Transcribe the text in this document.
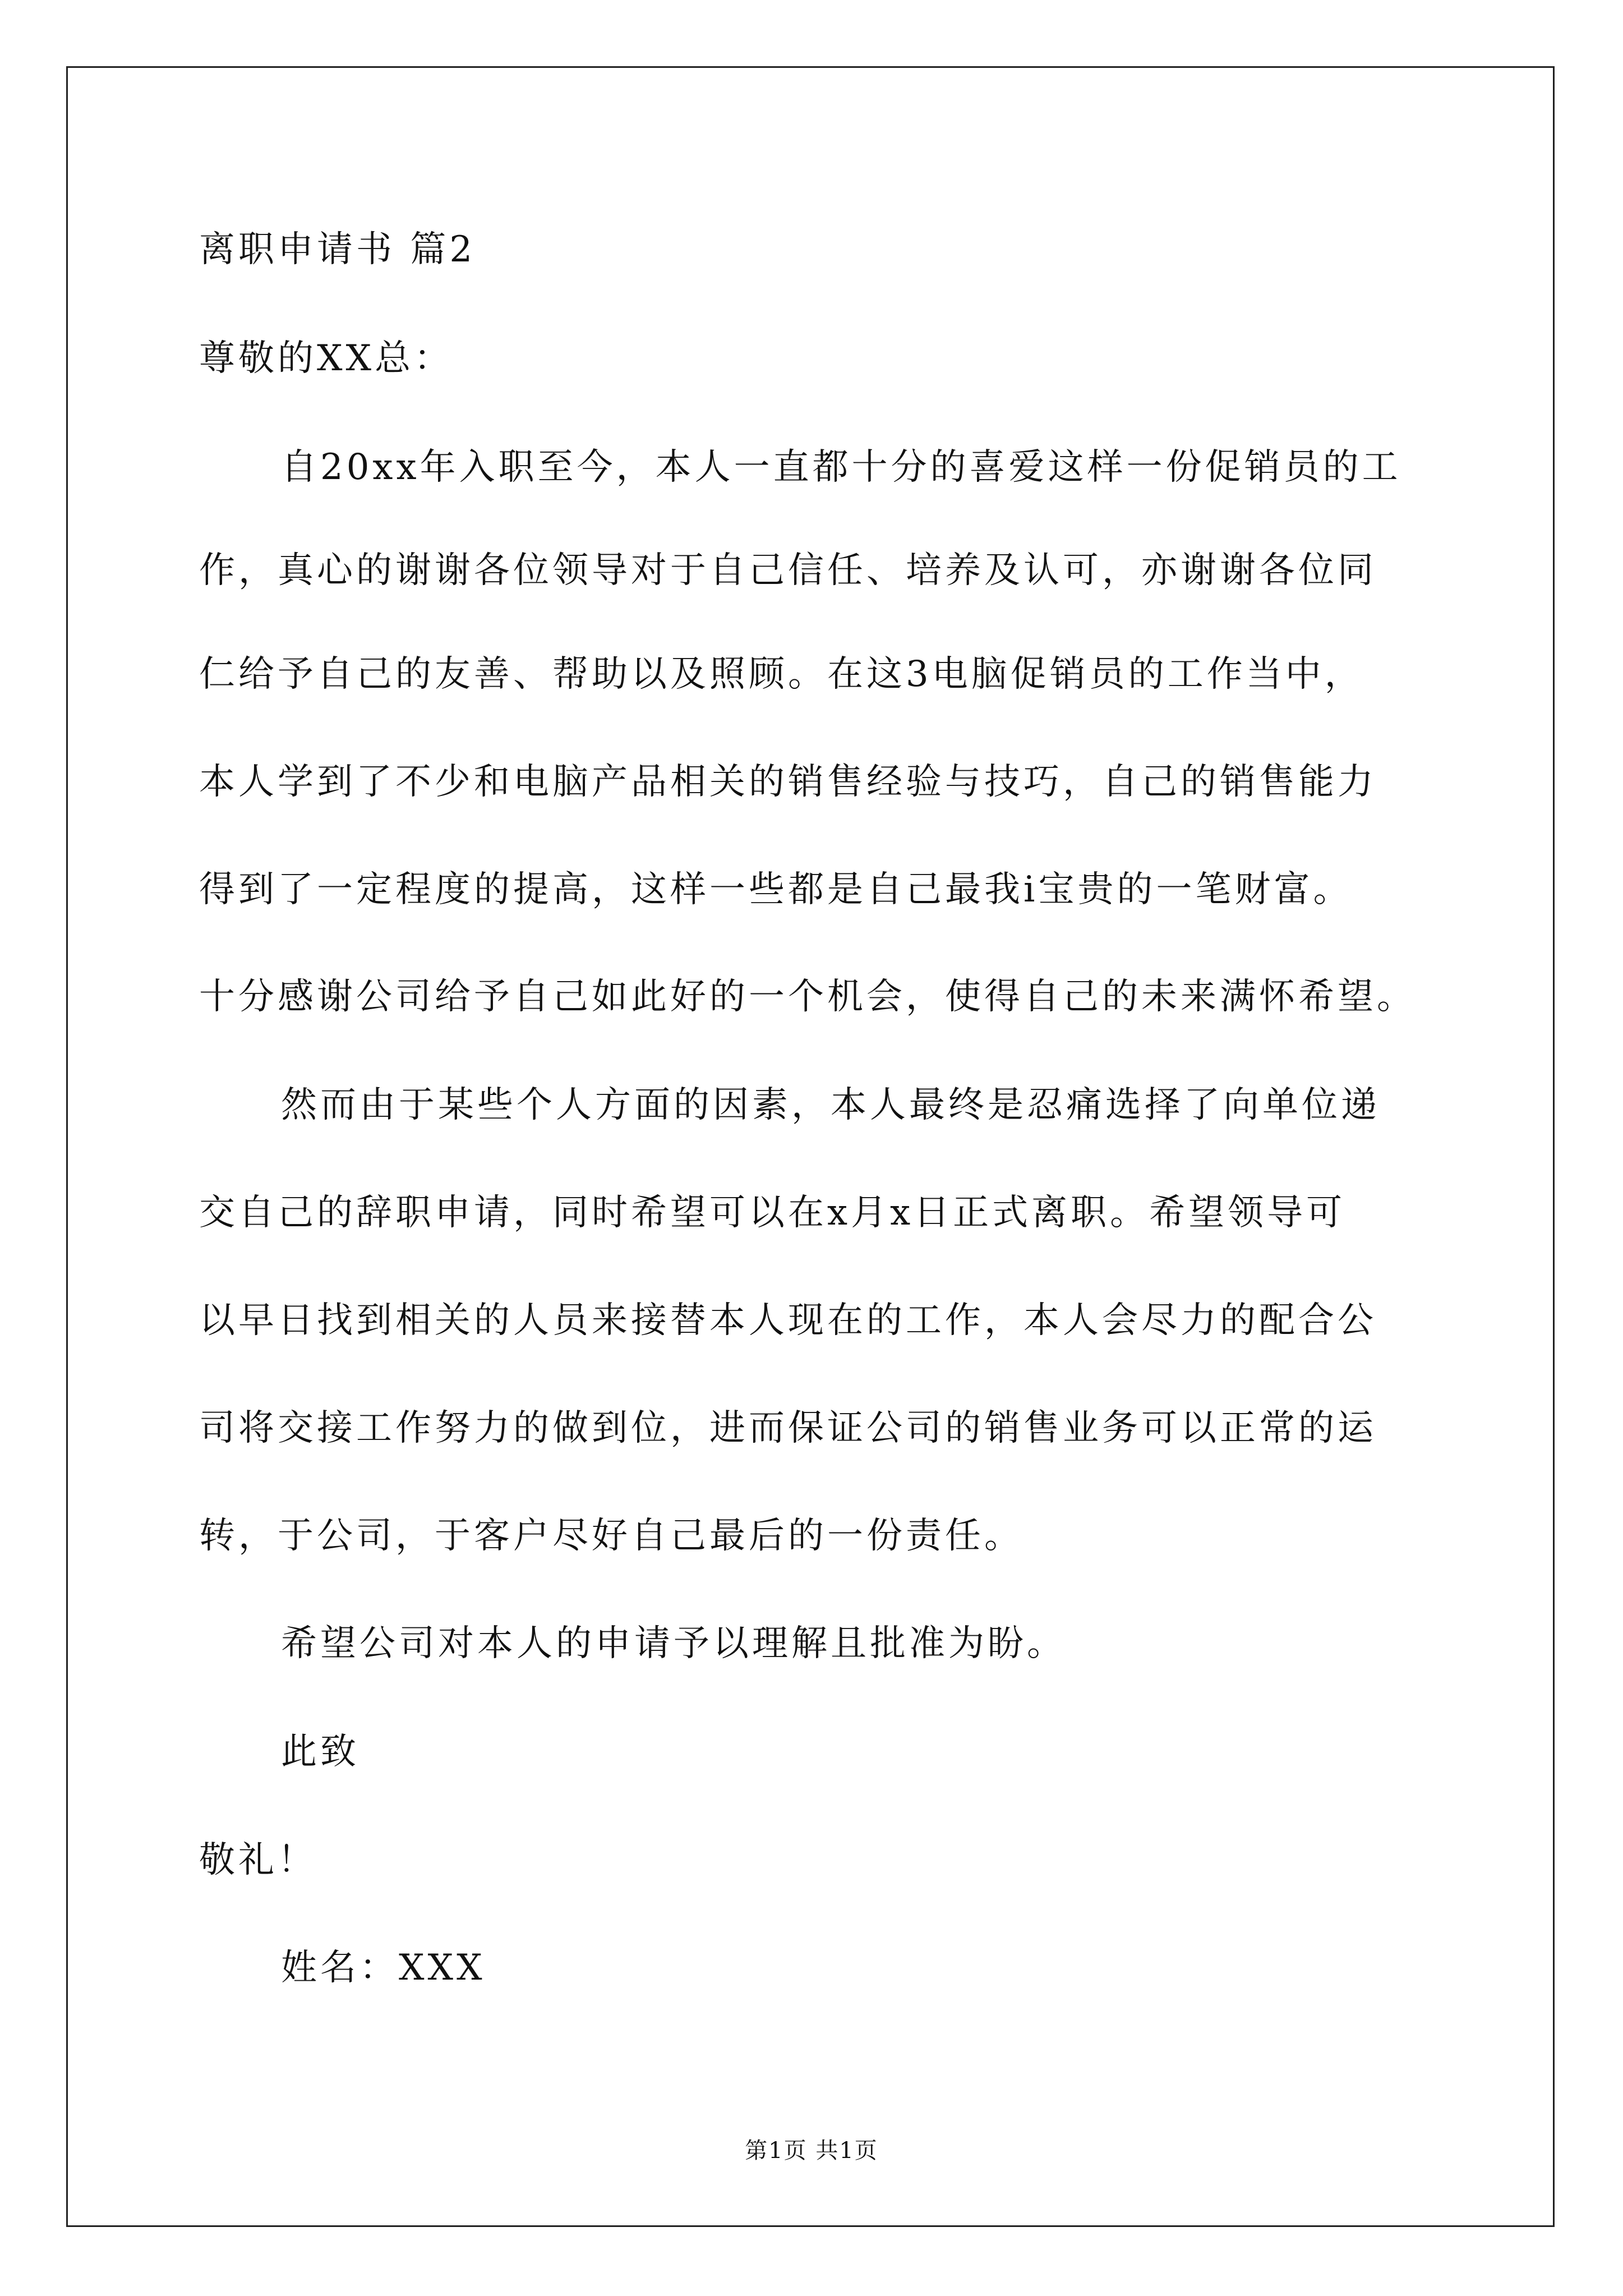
离职申请书 篇2
尊敬的XX总：
自20xx年入职至今，本人一直都十分的喜爱这样一份促销员的工
作，真心的谢谢各位领导对于自己信任、培养及认可，亦谢谢各位同
仁给予自己的友善、帮助以及照顾。在这3电脑促销员的工作当中，
本人学到了不少和电脑产品相关的销售经验与技巧，自己的销售能力
得到了一定程度的提高，这样一些都是自己最我i宝贵的一笔财富。
十分感谢公司给予自己如此好的一个机会，使得自己的未来满怀希望。
然而由于某些个人方面的因素，本人最终是忍痛选择了向单位递
交自己的辞职申请，同时希望可以在x月x日正式离职。希望领导可
以早日找到相关的人员来接替本人现在的工作，本人会尽力的配合公
司将交接工作努力的做到位，进而保证公司的销售业务可以正常的运
转，于公司，于客户尽好自己最后的一份责任。
希望公司对本人的申请予以理解且批准为盼。
此致
敬礼！
姓名：XXX
第1页 共1页
